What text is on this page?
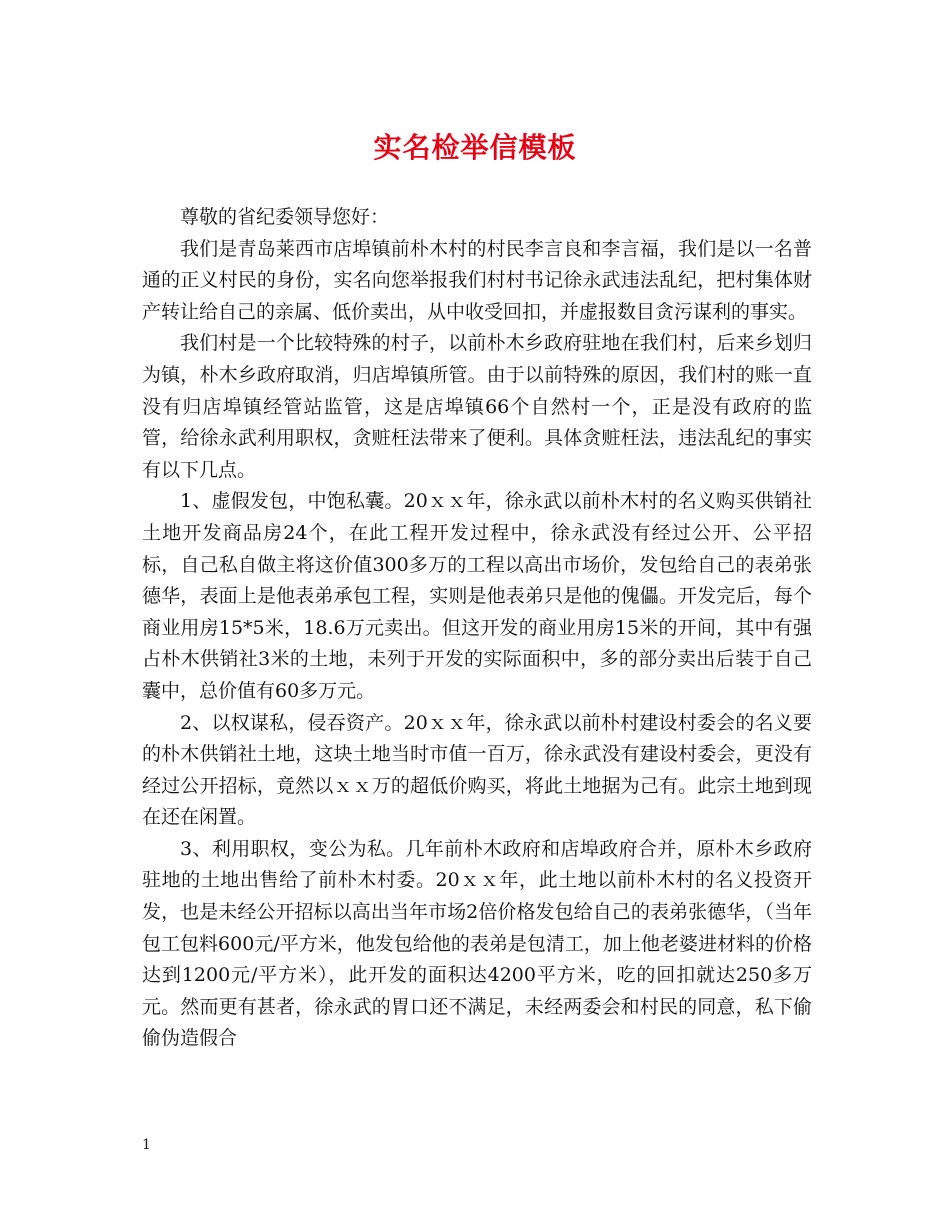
实名检举信模板

尊敬的省纪委领导您好：

我们是青岛莱西市店埠镇前朴木村的村民李言良和李言福，我们是以一名普通的正义村民的身份，实名向您举报我们村村书记徐永武违法乱纪，把村集体财产转让给自己的亲属、低价卖出，从中收受回扣，并虚报数目贪污谋利的事实。

我们村是一个比较特殊的村子，以前朴木乡政府驻地在我们村，后来乡划归为镇，朴木乡政府取消，归店埠镇所管。由于以前特殊的原因，我们村的账一直没有归店埠镇经管站监管，这是店埠镇66个自然村一个，正是没有政府的监管，给徐永武利用职权，贪赃枉法带来了便利。具体贪赃枉法，违法乱纪的事实有以下几点。

1、虚假发包，中饱私囊。20ｘｘ年，徐永武以前朴木村的名义购买供销社土地开发商品房24个，在此工程开发过程中，徐永武没有经过公开、公平招标，自己私自做主将这价值300多万的工程以高出市场价，发包给自己的表弟张德华，表面上是他表弟承包工程，实则是他表弟只是他的傀儡。开发完后，每个商业用房15*5米，18.6万元卖出。但这开发的商业用房15米的开间，其中有强占朴木供销社3米的土地，未列于开发的实际面积中，多的部分卖出后装于自己囊中，总价值有60多万元。

2、以权谋私，侵吞资产。20ｘｘ年，徐永武以前朴村建设村委会的名义要的朴木供销社土地，这块土地当时市值一百万，徐永武没有建设村委会，更没有经过公开招标，竟然以ｘｘ万的超低价购买，将此土地据为己有。此宗土地到现在还在闲置。

3、利用职权，变公为私。几年前朴木政府和店埠政府合并，原朴木乡政府驻地的土地出售给了前朴木村委。20ｘｘ年，此土地以前朴木村的名义投资开发，也是未经公开招标以高出当年市场2倍价格发包给自己的表弟张德华，（当年包工包料600元/平方米，他发包给他的表弟是包清工，加上他老婆进材料的价格达到1200元/平方米），此开发的面积达4200平方米，吃的回扣就达250多万元。然而更有甚者，徐永武的胃口还不满足，未经两委会和村民的同意，私下偷偷伪造假合

1
